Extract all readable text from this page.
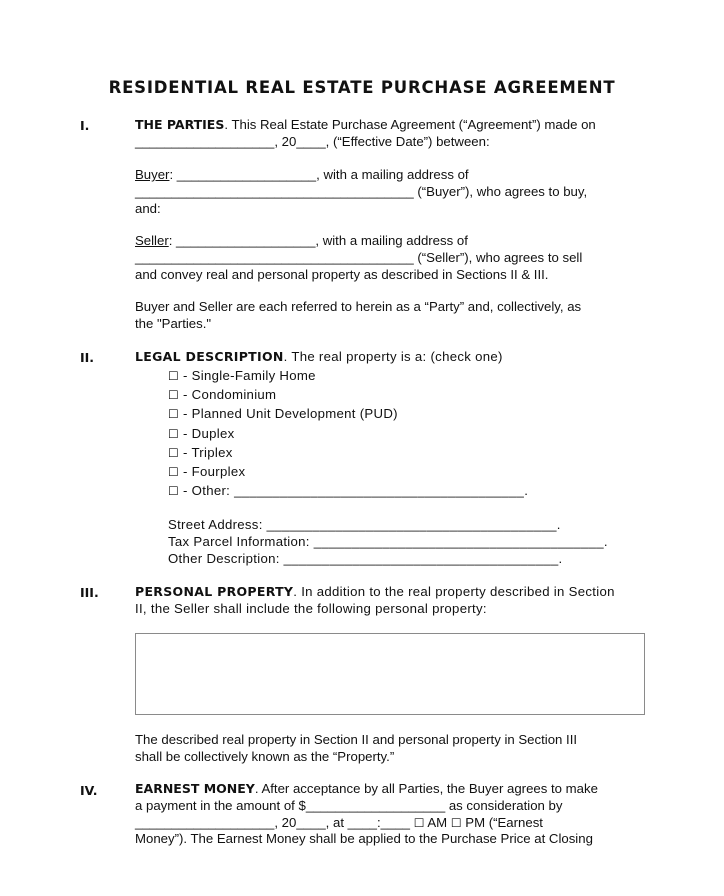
RESIDENTIAL REAL ESTATE PURCHASE AGREEMENT
I.	THE PARTIES. This Real Estate Purchase Agreement (“Agreement”) made on
___________________, 20____, (“Effective Date”) between:
Buyer: ___________________, with a mailing address of
______________________________________ (“Buyer”), who agrees to buy,
and:
Seller: ___________________, with a mailing address of
______________________________________ (“Seller”), who agrees to sell
and convey real and personal property as described in Sections II & III.
Buyer and Seller are each referred to herein as a “Party” and, collectively, as
the "Parties."
II.	LEGAL DESCRIPTION. The real property is a: (check one)
☐ - Single-Family Home
☐ - Condominium
☐ - Planned Unit Development (PUD)
☐ - Duplex
☐ - Triplex
☐ - Fourplex
☐ - Other: ______________________________________.
Street Address: ______________________________________.
Tax Parcel Information: ______________________________________.
Other Description: ____________________________________.
III.	PERSONAL PROPERTY. In addition to the real property described in Section
II, the Seller shall include the following personal property:
The described real property in Section II and personal property in Section III
shall be collectively known as the “Property.”
IV.	EARNEST MONEY. After acceptance by all Parties, the Buyer agrees to make
a payment in the amount of $___________________ as consideration by
___________________, 20____, at ____:____ ☐ AM ☐ PM (“Earnest
Money”). The Earnest Money shall be applied to the Purchase Price at Closing
